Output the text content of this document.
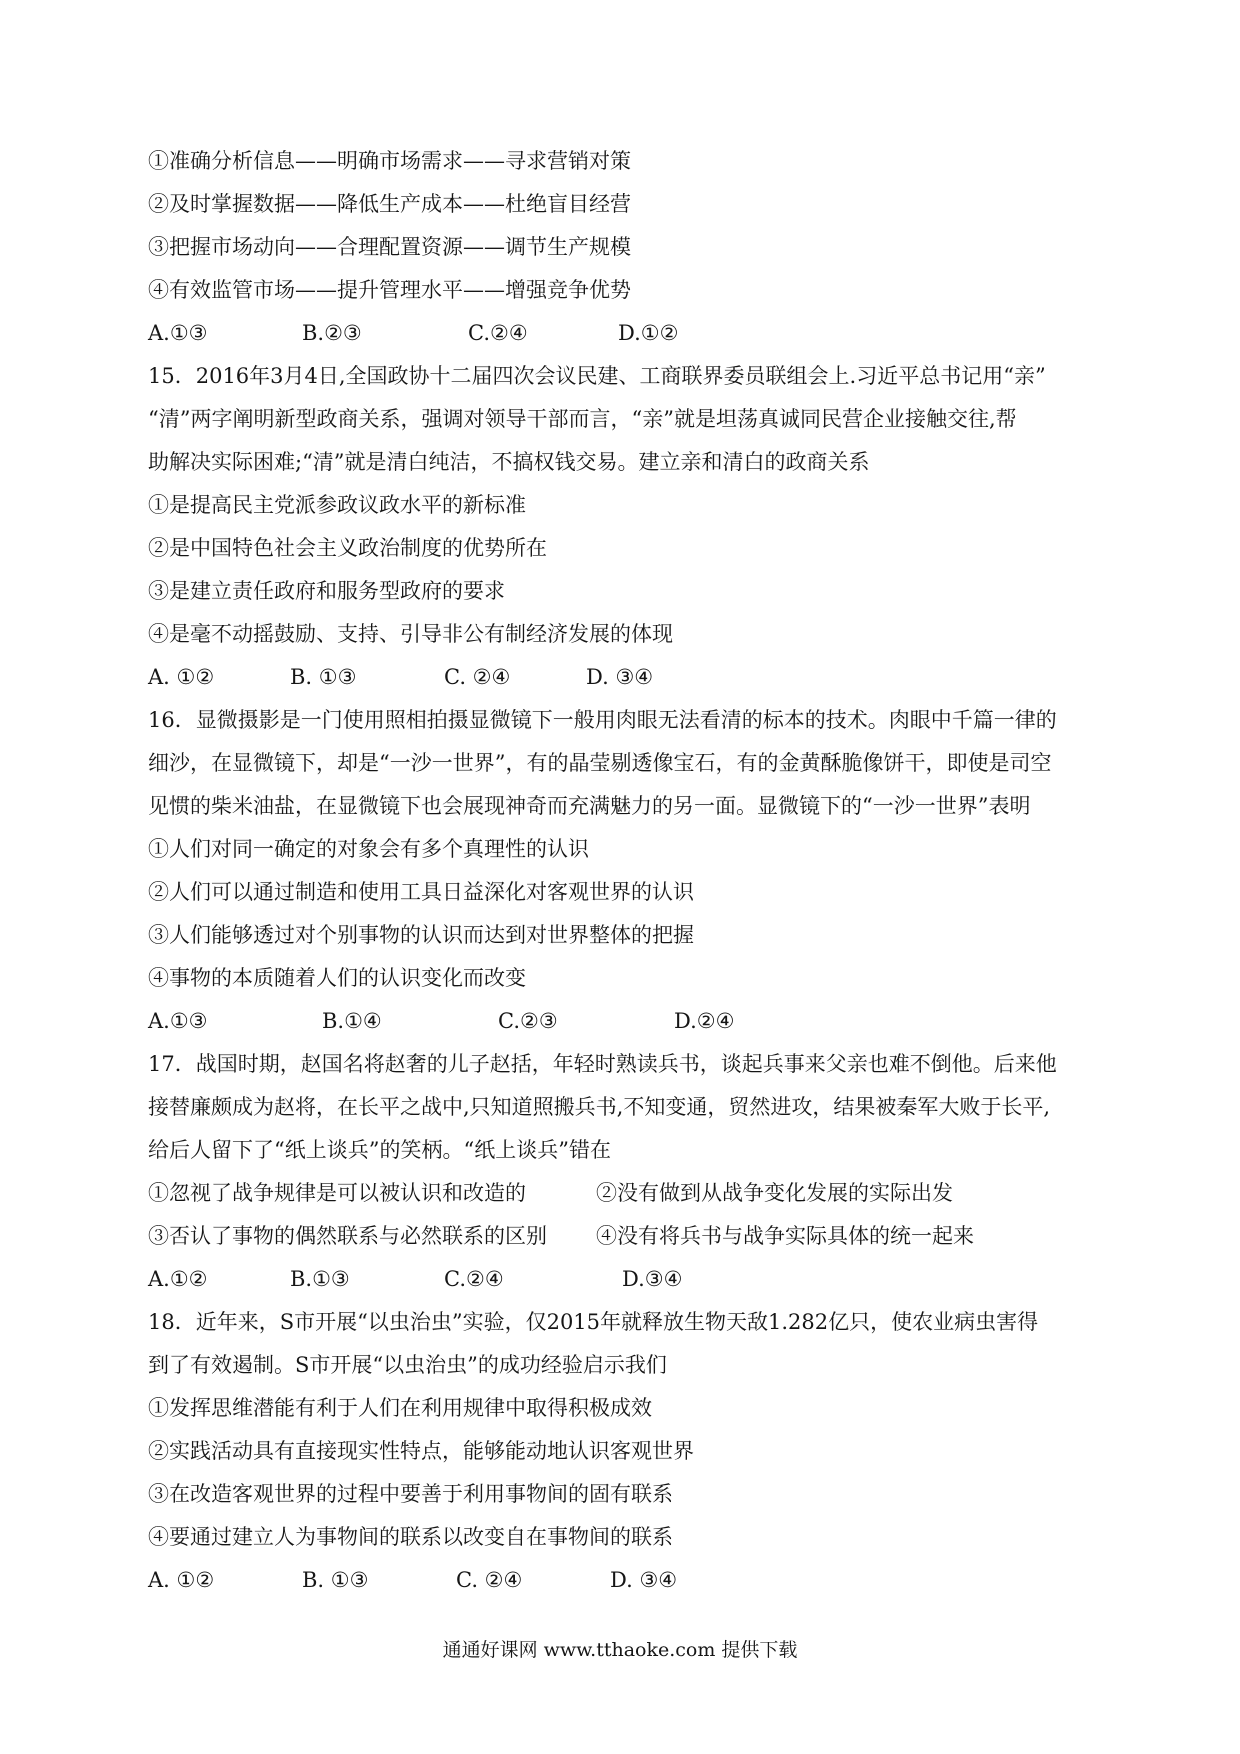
①准确分析信息——明确市场需求——寻求营销对策
②及时掌握数据——降低生产成本——杜绝盲目经营
③把握市场动向——合理配置资源——调节生产规模
④有效监管市场——提升管理水平——增强竞争优势
A.①③	B.②③	C.②④	D.①②
15．2016年3月4日,全国政协十二届四次会议民建、工商联界委员联组会上.习近平总书记用“亲”
“清”两字阐明新型政商关系，强调对领导干部而言，“亲”就是坦荡真诚同民营企业接触交往,帮
助解决实际困难;“清”就是清白纯洁，不搞权钱交易。建立亲和清白的政商关系
①是提高民主党派参政议政水平的新标准
②是中国特色社会主义政治制度的优势所在
③是建立责任政府和服务型政府的要求
④是毫不动摇鼓励、支持、引导非公有制经济发展的体现
A. ①②	B. ①③	C. ②④	D. ③④
16．显微摄影是一门使用照相拍摄显微镜下一般用肉眼无法看清的标本的技术。肉眼中千篇一律的
细沙，在显微镜下，却是“一沙一世界”，有的晶莹剔透像宝石，有的金黄酥脆像饼干，即使是司空
见惯的柴米油盐，在显微镜下也会展现神奇而充满魅力的另一面。显微镜下的“一沙一世界”表明
①人们对同一确定的对象会有多个真理性的认识
②人们可以通过制造和使用工具日益深化对客观世界的认识
③人们能够透过对个别事物的认识而达到对世界整体的把握
④事物的本质随着人们的认识变化而改变
A.①③	B.①④	C.②③	D.②④
17．战国时期，赵国名将赵奢的儿子赵括，年轻时熟读兵书，谈起兵事来父亲也难不倒他。后来他
接替廉颇成为赵将，在长平之战中,只知道照搬兵书,不知变通，贸然进攻，结果被秦军大败于长平,
给后人留下了“纸上谈兵”的笑柄。“纸上谈兵”错在
①忽视了战争规律是可以被认识和改造的	②没有做到从战争变化发展的实际出发
③否认了事物的偶然联系与必然联系的区别 ④没有将兵书与战争实际具体的统一起来
A.①②	B.①③	C.②④	D.③④
18．近年来，S市开展“以虫治虫”实验，仅2015年就释放生物天敌1.282亿只，使农业病虫害得
到了有效遏制。S市开展“以虫治虫”的成功经验启示我们
①发挥思维潜能有利于人们在利用规律中取得积极成效
②实践活动具有直接现实性特点，能够能动地认识客观世界
③在改造客观世界的过程中要善于利用事物间的固有联系
④要通过建立人为事物间的联系以改变自在事物间的联系
A. ①②	B. ①③	C. ②④	D. ③④
通通好课网 www.tthaoke.com 提供下载
